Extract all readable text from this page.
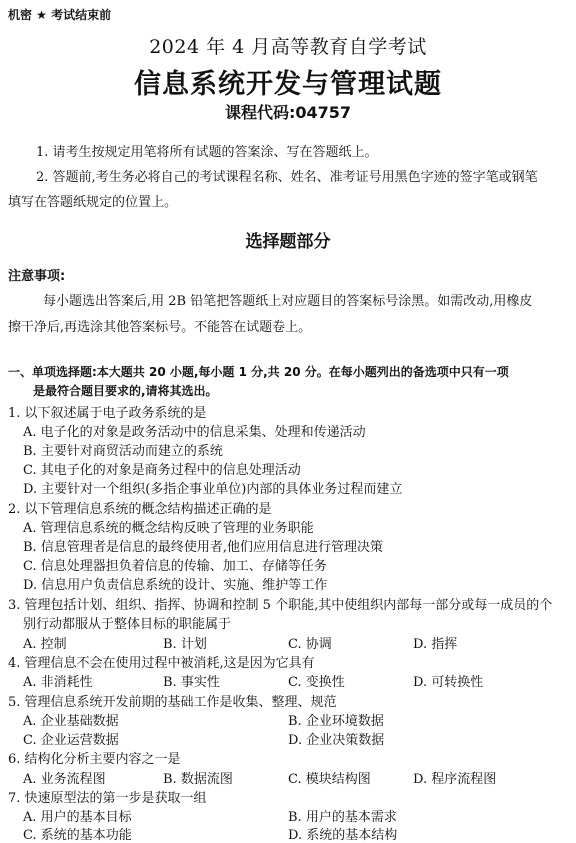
机密 ★ 考试结束前
2024 年 4 月高等教育自学考试
信息系统开发与管理试题
课程代码:04757
1. 请考生按规定用笔将所有试题的答案涂、写在答题纸上。
2. 答题前,考生务必将自己的考试课程名称、姓名、准考证号用黑色字迹的签字笔或钢笔
填写在答题纸规定的位置上。
选择题部分
注意事项:
每小题选出答案后,用 2B 铅笔把答题纸上对应题目的答案标号涂黑。如需改动,用橡皮
擦干净后,再选涂其他答案标号。不能答在试题卷上。
一、单项选择题:本大题共 20 小题,每小题 1 分,共 20 分。在每小题列出的备选项中只有一项
是最符合题目要求的,请将其选出。
1. 以下叙述属于电子政务系统的是
A. 电子化的对象是政务活动中的信息采集、处理和传递活动
B. 主要针对商贸活动而建立的系统
C. 其电子化的对象是商务过程中的信息处理活动
D. 主要针对一个组织(多指企事业单位)内部的具体业务过程而建立
2. 以下管理信息系统的概念结构描述正确的是
A. 管理信息系统的概念结构反映了管理的业务职能
B. 信息管理者是信息的最终使用者,他们应用信息进行管理决策
C. 信息处理器担负着信息的传输、加工、存储等任务
D. 信息用户负责信息系统的设计、实施、维护等工作
3. 管理包括计划、组织、指挥、协调和控制 5 个职能,其中使组织内部每一部分或每一成员的个
别行动都服从于整体目标的职能属于
A. 控制	B. 计划	C. 协调	D. 指挥
4. 管理信息不会在使用过程中被消耗,这是因为它具有
A. 非消耗性	B. 事实性	C. 变换性	D. 可转换性
5. 管理信息系统开发前期的基础工作是收集、整理、规范
A. 企业基础数据	B. 企业环境数据
C. 企业运营数据	D. 企业决策数据
6. 结构化分析主要内容之一是
A. 业务流程图	B. 数据流图	C. 模块结构图	D. 程序流程图
7. 快速原型法的第一步是获取一组
A. 用户的基本目标	B. 用户的基本需求
C. 系统的基本功能	D. 系统的基本结构
